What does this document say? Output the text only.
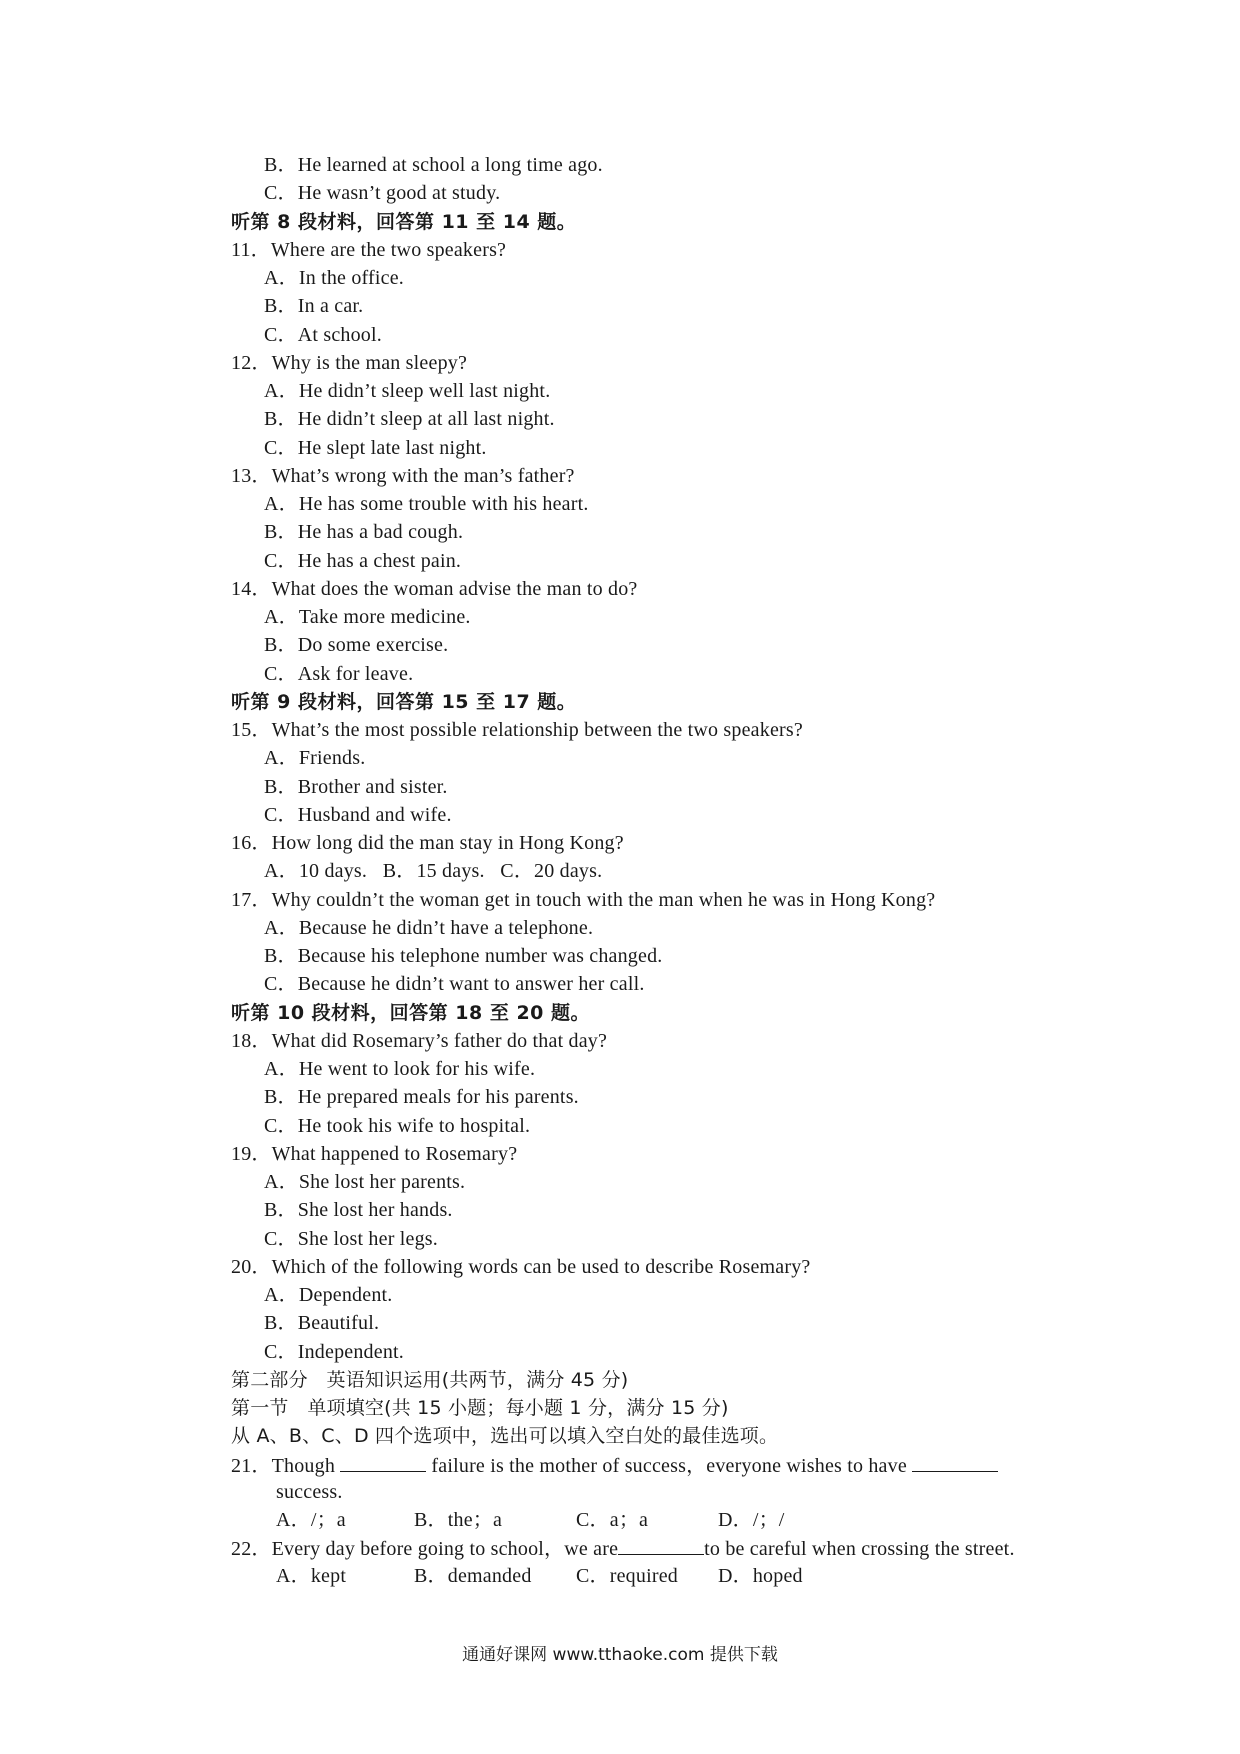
B．He learned at school a long time ago.
C．He wasn’t good at study.
听第 8 段材料，回答第 11 至 14 题。
11．Where are the two speakers?
A．In the office.
B．In a car.
C．At school.
12．Why is the man sleepy?
A．He didn’t sleep well last night.
B．He didn’t sleep at all last night.
C．He slept late last night.
13．What’s wrong with the man’s father?
A．He has some trouble with his heart.
B．He has a bad cough.
C．He has a chest pain.
14．What does the woman advise the man to do?
A．Take more medicine.
B．Do some exercise.
C．Ask for leave.
听第 9 段材料，回答第 15 至 17 题。
15．What’s the most possible relationship between the two speakers?
A．Friends.
B．Brother and sister.
C．Husband and wife.
16．How long did the man stay in Hong Kong?
A．10 days.   B．15 days.   C．20 days.
17．Why couldn’t the woman get in touch with the man when he was in Hong Kong?
A．Because he didn’t have a telephone.
B．Because his telephone number was changed.
C．Because he didn’t want to answer her call.
听第 10 段材料，回答第 18 至 20 题。
18．What did Rosemary’s father do that day?
A．He went to look for his wife.
B．He prepared meals for his parents.
C．He took his wife to hospital.
19．What happened to Rosemary?
A．She lost her parents.
B．She lost her hands.
C．She lost her legs.
20．Which of the following words can be used to describe Rosemary?
A．Dependent.
B．Beautiful.
C．Independent.
第二部分   英语知识运用(共两节，满分 45 分)
第一节   单项填空(共 15 小题；每小题 1 分，满分 15 分)
从 A、B、C、D 四个选项中，选出可以填入空白处的最佳选项。
21．Though	failure is the mother of success，everyone wishes to have
success.
A．/；a	B．the；a	C．a；a	D．/；/
22．Every day before going to school，we are	to be careful when crossing the street.
A．kept	B．demanded C．required D．hoped
通通好课网 www.tthaoke.com 提供下载
